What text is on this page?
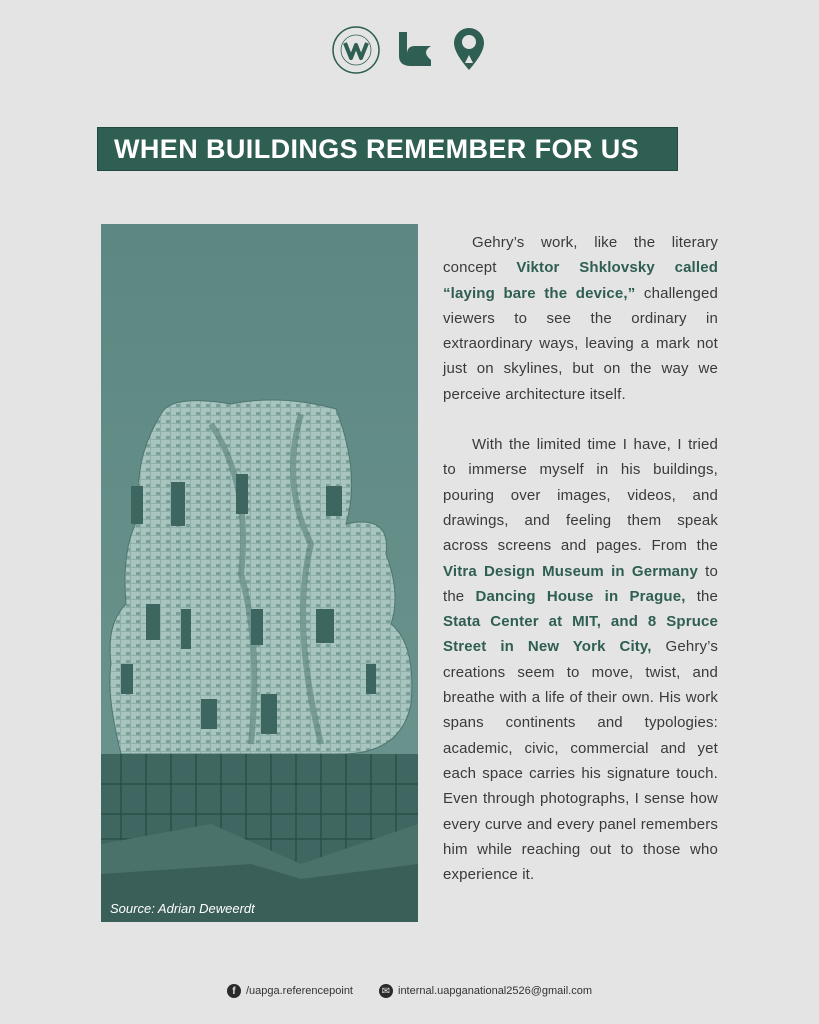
WHEN BUILDINGS REMEMBER FOR US
Source: Adrian Deweerdt

Gehry’s work, like the literary concept Viktor Shklovsky called “laying bare the device,” challenged viewers to see the ordinary in extraordinary ways, leaving a mark not just on skylines, but on the way we perceive architecture itself.

With the limited time I have, I tried to immerse myself in his buildings, pouring over images, videos, and drawings, and feeling them speak across screens and pages. From the Vitra Design Museum in Germany to the Dancing House in Prague, the Stata Center at MIT, and 8 Spruce Street in New York City, Gehry’s creations seem to move, twist, and breathe with a life of their own. His work spans continents and typologies: academic, civic, commercial and yet each space carries his signature touch. Even through photographs, I sense how every curve and every panel remembers him while reaching out to those who experience it.

f /uapga.referencepoint	✉ internal.uapganational2526@gmail.com
